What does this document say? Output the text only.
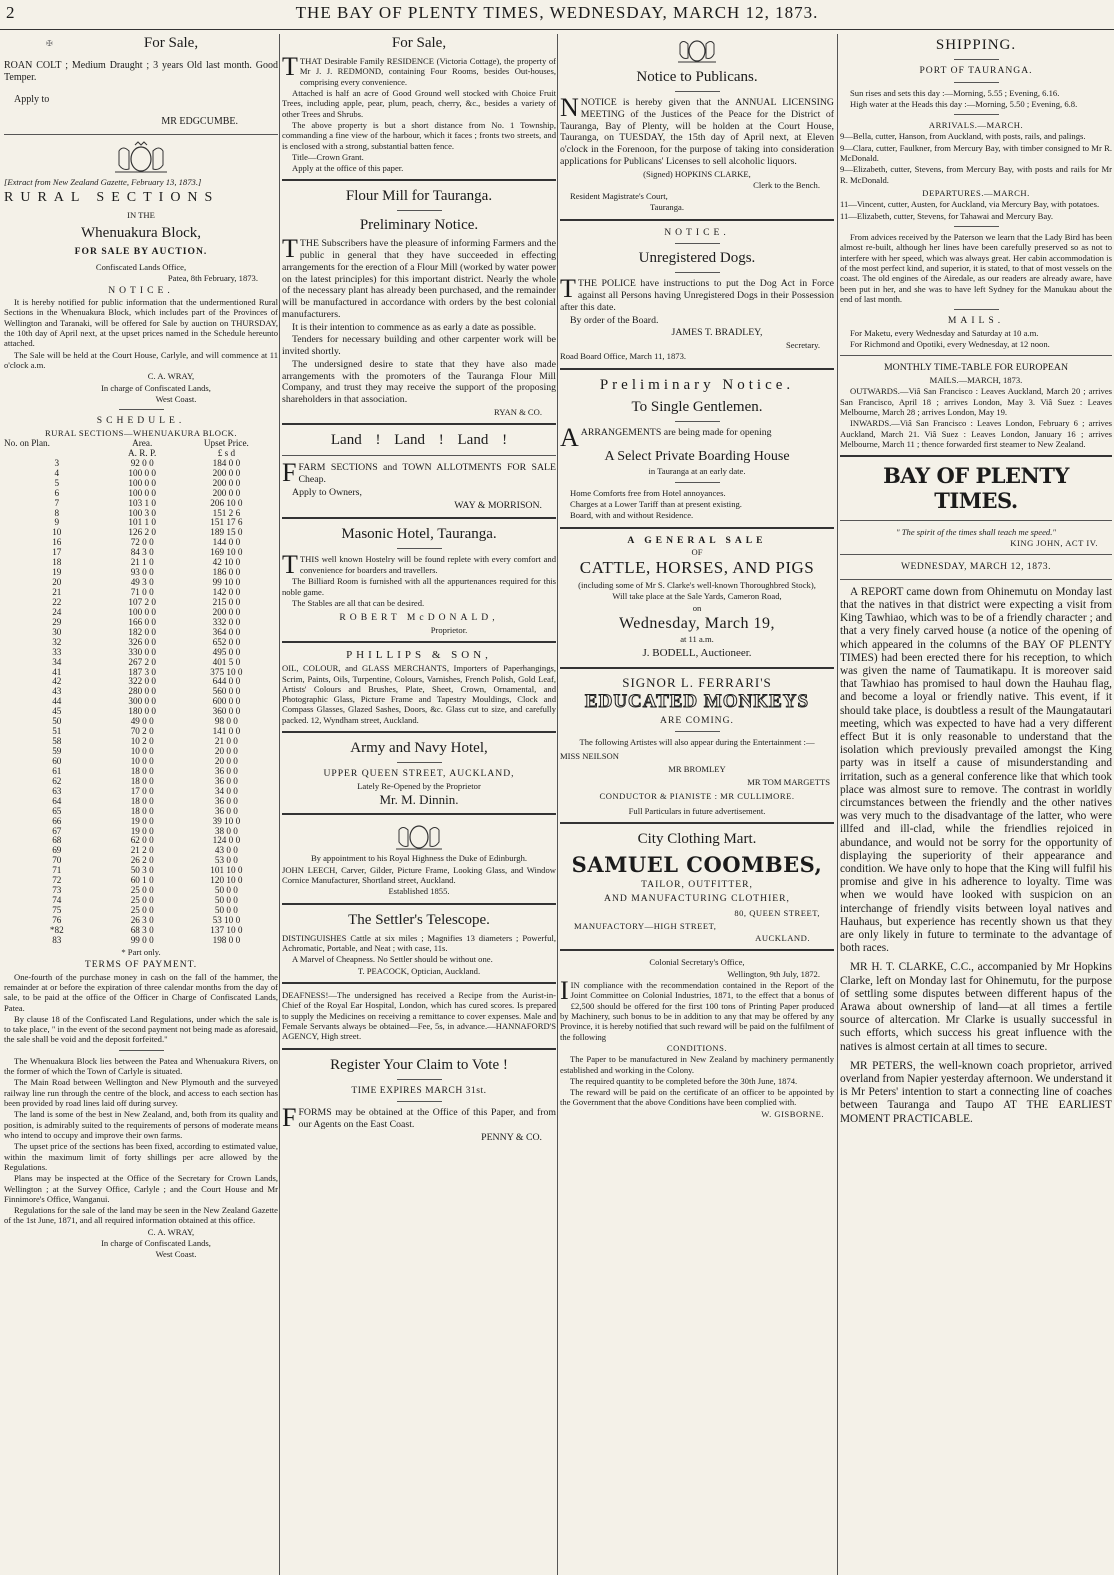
2	THE BAY OF PLENTY TIMES, WEDNESDAY, MARCH 12, 1873.
✠	For Sale,

ROAN COLT ; Medium Draught ; 3 years Old last month. Good Temper.

Apply to

MR EDGCUMBE.

[Extract from New Zealand Gazette, February 13, 1873.]

RURAL SECTIONS

IN THE

Whenuakura Block,

FOR SALE BY AUCTION.

Confiscated Lands Office,

Patea, 8th February, 1873.

NOTICE.

It is hereby notified for public information that the undermentioned Rural Sections in the Whenuakura Block, which includes part of the Provinces of Wellington and Taranaki, will be offered for Sale by auction on THURSDAY, the 10th day of April next, at the upset prices named in the Schedule hereunto attached.

The Sale will be held at the Court House, Carlyle, and will commence at 11 o'clock a.m.

C. A. WRAY,

In charge of Confiscated Lands,

West Coast.

SCHEDULE.

RURAL SECTIONS—WHENUAKURA BLOCK.

No. on Plan.	Area.	Upset Price.
	A. R. P.	£ s d
3	92 0 0	184 0 0
4	100 0 0	200 0 0
5	100 0 0	200 0 0
6	100 0 0	200 0 0
7	103 1 0	206 10 0
8	100 3 0	151 2 6
9	101 1 0	151 17 6
10	126 2 0	189 15 0
16	72 0 0	144 0 0
17	84 3 0	169 10 0
18	21 1 0	42 10 0
19	93 0 0	186 0 0
20	49 3 0	99 10 0
21	71 0 0	142 0 0
22	107 2 0	215 0 0
24	100 0 0	200 0 0
29	166 0 0	332 0 0
30	182 0 0	364 0 0
32	326 0 0	652 0 0
33	330 0 0	495 0 0
34	267 2 0	401 5 0
41	187 3 0	375 10 0
42	322 0 0	644 0 0
43	280 0 0	560 0 0
44	300 0 0	600 0 0
45	180 0 0	360 0 0
50	49 0 0	98 0 0
51	70 2 0	141 0 0
58	10 2 0	21 0 0
59	10 0 0	20 0 0
60	10 0 0	20 0 0
61	18 0 0	36 0 0
62	18 0 0	36 0 0
63	17 0 0	34 0 0
64	18 0 0	36 0 0
65	18 0 0	36 0 0
66	19 0 0	39 10 0
67	19 0 0	38 0 0
68	62 0 0	124 0 0
69	21 2 0	43 0 0
70	26 2 0	53 0 0
71	50 3 0	101 10 0
72	60 1 0	120 10 0
73	25 0 0	50 0 0
74	25 0 0	50 0 0
75	25 0 0	50 0 0
76	26 3 0	53 10 0
*82	68 3 0	137 10 0
83	99 0 0	198 0 0

* Part only.

TERMS OF PAYMENT.

One-fourth of the purchase money in cash on the fall of the hammer, the remainder at or before the expiration of three calendar months from the day of sale, to be paid at the office of the Officer in Charge of Confiscated Lands, Patea.

By clause 18 of the Confiscated Land Regulations, under which the sale is to take place, " in the event of the second payment not being made as aforesaid, the sale shall be void and the deposit forfeited."

The Whenuakura Block lies between the Patea and Whenuakura Rivers, on the former of which the Town of Carlyle is situated.

The Main Road between Wellington and New Plymouth and the surveyed railway line run through the centre of the block, and access to each section has been provided by road lines laid off during survey.

The land is some of the best in New Zealand, and, both from its quality and position, is admirably suited to the requirements of persons of moderate means who intend to occupy and improve their own farms.

The upset price of the sections has been fixed, according to estimated value, within the maximum limit of forty shillings per acre allowed by the Regulations.

Plans may be inspected at the Office of the Secretary for Crown Lands, Wellington ; at the Survey Office, Carlyle ; and the Court House and Mr Finnimore's Office, Wanganui.

Regulations for the sale of the land may be seen in the New Zealand Gazette of the 1st June, 1871, and all required information obtained at this office.

C. A. WRAY,

In charge of Confiscated Lands,

West Coast.

For Sale,

TTHAT Desirable Family RESIDENCE (Victoria Cottage), the property of Mr J. J. REDMOND, containing Four Rooms, besides Out-houses, comprising every convenience.

Attached is half an acre of Good Ground well stocked with Choice Fruit Trees, including apple, pear, plum, peach, cherry, &c., besides a variety of other Trees and Shrubs.

The above property is but a short distance from No. 1 Township, commanding a fine view of the harbour, which it faces ; fronts two streets, and is enclosed with a strong, substantial batten fence.

Title—Crown Grant.

Apply at the office of this paper.

Flour Mill for Tauranga.
Preliminary Notice.

TTHE Subscribers have the pleasure of informing Farmers and the public in general that they have succeeded in effecting arrangements for the erection of a Flour Mill (worked by water power on the latest principles) for this important district. Nearly the whole of the necessary plant has already been purchased, and the remainder will be manufactured in accordance with orders by the best colonial manufacturers.

It is their intention to commence as as early a date as possible.

Tenders for necessary building and other carpenter work will be invited shortly.

The undersigned desire to state that they have also made arrangements with the promoters of the Tauranga Flour Mill Company, and trust they may receive the support of the proposing shareholders in that association.

RYAN & CO.

Land ! Land ! Land !

FFARM SECTIONS and TOWN ALLOTMENTS FOR SALE Cheap.

Apply to Owners,

WAY & MORRISON.

Masonic Hotel, Tauranga.

TTHIS well known Hostelry will be found replete with every comfort and convenience for boarders and travellers.

The Billiard Room is furnished with all the appurtenances required for this noble game.

The Stables are all that can be desired.

ROBERT McDONALD,

Proprietor.

PHILLIPS & SON,

OIL, COLOUR, and GLASS MERCHANTS, Importers of Paperhangings, Scrim, Paints, Oils, Turpentine, Colours, Varnishes, French Polish, Gold Leaf, Artists' Colours and Brushes, Plate, Sheet, Crown, Ornamental, and Photographic Glass, Picture Frame and Tapestry Mouldings, Clock and Compass Glasses, Glazed Sashes, Doors, &c. Glass cut to size, and carefully packed. 12, Wyndham street, Auckland.

Army and Navy Hotel,

UPPER QUEEN STREET, AUCKLAND,

Lately Re-Opened by the Proprietor

Mr. M. Dinnin.

By appointment to his Royal Highness the Duke of Edinburgh.

JOHN LEECH, Carver, Gilder, Picture Frame, Looking Glass, and Window Cornice Manufacturer, Shortland street, Auckland.

Established 1855.

The Settler's Telescope.

DISTINGUISHES Cattle at six miles ; Magnifies 13 diameters ; Powerful, Achromatic, Portable, and Neat ; with case, 11s.

A Marvel of Cheapness. No Settler should be without one.

T. PEACOCK, Optician, Auckland.

DEAFNESS!—The undersigned has received a Recipe from the Aurist-in-Chief of the Royal Ear Hospital, London, which has cured scores. Is prepared to supply the Medicines on receiving a remittance to cover expenses. Male and Female Servants always be obtained—Fee, 5s, in advance.—HANNAFORD'S AGENCY, High street.

Register Your Claim to Vote !

TIME EXPIRES MARCH 31st.

FFORMS may be obtained at the Office of this Paper, and from our Agents on the East Coast.

PENNY & CO.

Notice to Publicans.

NNOTICE is hereby given that the ANNUAL LICENSING MEETING of the Justices of the Peace for the District of Tauranga, Bay of Plenty, will be holden at the Court House, Tauranga, on TUESDAY, the 15th day of April next, at Eleven o'clock in the Forenoon, for the purpose of taking into consideration applications for Publicans' Licenses to sell alcoholic liquors.

(Signed) HOPKINS CLARKE,

Clerk to the Bench.

Resident Magistrate's Court,

Tauranga.

NOTICE.

Unregistered Dogs.

TTHE POLICE have instructions to put the Dog Act in Force against all Persons having Unregistered Dogs in their Possession after this date.

By order of the Board.

JAMES T. BRADLEY,

Secretary.

Road Board Office, March 11, 1873.

Preliminary Notice.
To Single Gentlemen.

AARRANGEMENTS are being made for opening

A Select Private Boarding House

in Tauranga at an early date.

Home Comforts free from Hotel annoyances.

Charges at a Lower Tariff than at present existing.

Board, with and without Residence.

A GENERAL SALE

OF

CATTLE, HORSES, AND PIGS

(including some of Mr S. Clarke's well-known Thoroughbred Stock),

Will take place at the Sale Yards, Cameron Road,

on

Wednesday, March 19,

at 11 a.m.

J. BODELL, Auctioneer.

SIGNOR L. FERRARI'S

EDUCATED MONKEYS

ARE COMING.

The following Artistes will also appear during the Entertainment :—

MISS NEILSON

MR BROMLEY

MR TOM MARGETTS

CONDUCTOR & PIANISTE : MR CULLIMORE.

Full Particulars in future advertisement.

City Clothing Mart.
SAMUEL COOMBES,

TAILOR, OUTFITTER,

AND MANUFACTURING CLOTHIER,

80, QUEEN STREET,

MANUFACTORY—HIGH STREET,

AUCKLAND.

Colonial Secretary's Office,

Wellington, 9th July, 1872.

IIN compliance with the recommendation contained in the Report of the Joint Committee on Colonial Industries, 1871, to the effect that a bonus of £2,500 should be offered for the first 100 tons of Printing Paper produced by Machinery, such bonus to be in addition to any that may be offered by any Province, it is hereby notified that such reward will be paid on the fulfilment of the following

CONDITIONS.

The Paper to be manufactured in New Zealand by machinery permanently established and working in the Colony.

The required quantity to be completed before the 30th June, 1874.

The reward will be paid on the certificate of an officer to be appointed by the Government that the above Conditions have been complied with.

W. GISBORNE.

SHIPPING.

PORT OF TAURANGA.

Sun rises and sets this day :—Morning, 5.55 ; Evening, 6.16.

High water at the Heads this day :—Morning, 5.50 ; Evening, 6.8.

ARRIVALS.—MARCH.

9—Bella, cutter, Hanson, from Auckland, with posts, rails, and palings.

9—Clara, cutter, Faulkner, from Mercury Bay, with timber consigned to Mr R. McDonald.

9—Elizabeth, cutter, Stevens, from Mercury Bay, with posts and rails for Mr R. McDonald.

DEPARTURES.—MARCH.

11—Vincent, cutter, Austen, for Auckland, via Mercury Bay, with potatoes.

11—Elizabeth, cutter, Stevens, for Tahawai and Mercury Bay.

From advices received by the Paterson we learn that the Lady Bird has been almost re-built, although her lines have been carefully preserved so as not to interfere with her speed, which was always great. Her cabin accommodation is of the most perfect kind, and superior, it is stated, to that of most vessels on the coast. The old engines of the Airedale, as our readers are already aware, have been put in her, and she was to have left Sydney for the Manukau about the end of last month.

MAILS.

For Maketu, every Wednesday and Saturday at 10 a.m.

For Richmond and Opotiki, every Wednesday, at 12 noon.

MONTHLY TIME-TABLE FOR EUROPEAN

MAILS.—MARCH, 1873.

OUTWARDS.—Viâ San Francisco : Leaves Auckland, March 20 ; arrives San Francisco, April 18 ; arrives London, May 3. Viâ Suez : Leaves Melbourne, March 28 ; arrives London, May 19.

INWARDS.—Viâ San Francisco : Leaves London, February 6 ; arrives Auckland, March 21. Viâ Suez : Leaves London, January 16 ; arrives Melbourne, March 11 ; thence forwarded first steamer to New Zealand.

BAY OF PLENTY TIMES.

" The spirit of the times shall teach me speed."

KING JOHN, ACT IV.

WEDNESDAY, MARCH 12, 1873.

A REPORT came down from Ohinemutu on Monday last that the natives in that district were expecting a visit from King Tawhiao, which was to be of a friendly character ; and that a very finely carved house (a notice of the opening of which appeared in the columns of the BAY OF PLENTY TIMES) had been erected there for his reception, to which was given the name of Taumatikapu. It is moreover said that Tawhiao has promised to haul down the Hauhau flag, and become a loyal or friendly native. This event, if it should take place, is doubtless a result of the Maungatautari meeting, which was expected to have had a very different effect But it is only reasonable to understand that the isolation which previously prevailed amongst the King party was in itself a cause of misunderstanding and irritation, such as a general conference like that which took place was almost sure to remove. The contrast in worldly circumstances between the friendly and the other natives was very much to the disadvantage of the latter, who were illfed and ill-clad, while the friendlies rejoiced in abundance, and would not be sorry for the opportunity of displaying the superiority of their appearance and condition. We have only to hope that the King will fulfil his promise and give in his adherence to loyalty. Time was when we would have looked with suspicion on an interchange of friendly visits between loyal natives and Hauhaus, but experience has recently shown us that they are only likely in future to terminate to the advantage of both races.

MR H. T. CLARKE, C.C., accompanied by Mr Hopkins Clarke, left on Monday last for Ohinemutu, for the purpose of settling some disputes between different hapus of the Arawa about ownership of land—at all times a fertile source of altercation. Mr Clarke is usually successful in such efforts, which success his great influence with the natives is almost certain at all times to secure.

MR PETERS, the well-known coach proprietor, arrived overland from Napier yesterday afternoon. We understand it is Mr Peters' intention to start a connecting line of coaches between Tauranga and Taupo AT THE EARLIEST MOMENT PRACTICABLE.
